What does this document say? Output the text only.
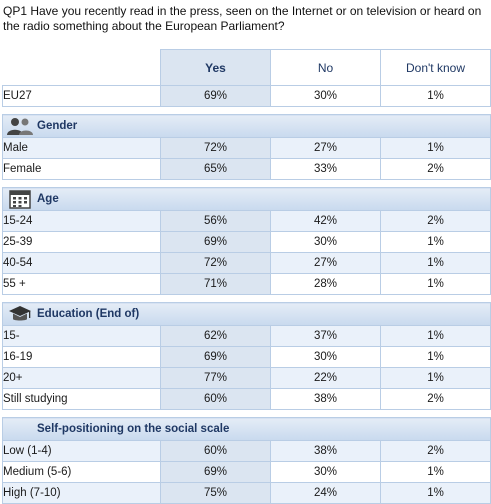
QP1 Have you recently read in the press, seen on the Internet or on television or heard on the radio something about the European Parliament?
	Yes	No	Don't know
EU27	69%	30%	1%

Gender			

Male	72%	27%	1%
Female	65%	33%	2%

Age			

15-24	56%	42%	2%
25-39	69%	30%	1%
40-54	72%	27%	1%
55 +	71%	28%	1%

Education (End of)			

15-	62%	37%	1%
16-19	69%	30%	1%
20+	77%	22%	1%
Still studying	60%	38%	2%

Self-positioning on the social scale			

Low (1-4)	60%	38%	2%
Medium (5-6)	69%	30%	1%
High (7-10)	75%	24%	1%
